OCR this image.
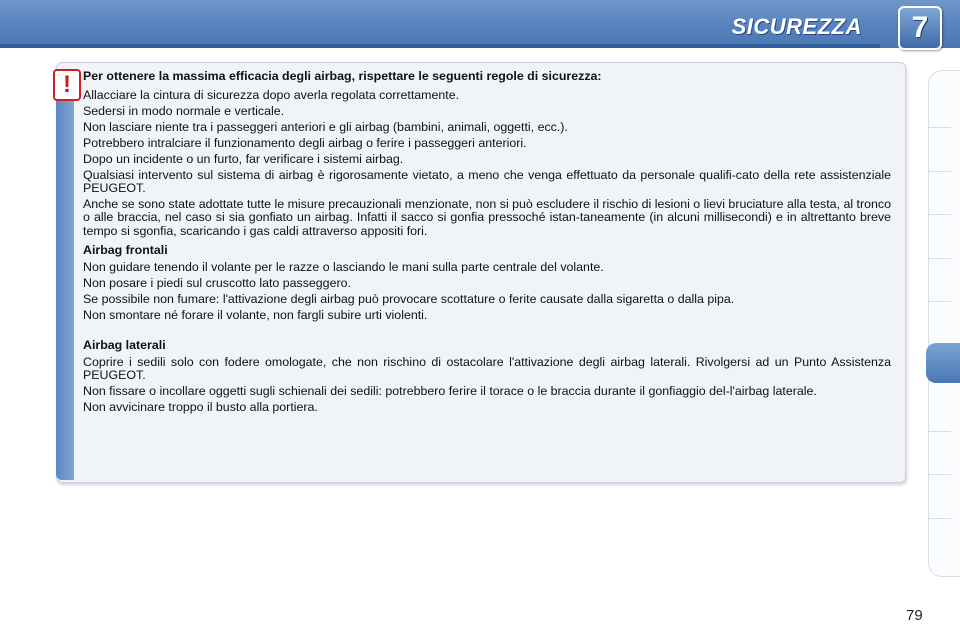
SICUREZZA	7
! Per ottenere la massima efficacia degli airbag, rispettare le seguenti regole di sicurezza:

Allacciare la cintura di sicurezza dopo averla regolata correttamente.

Sedersi in modo normale e verticale.

Non lasciare niente tra i passeggeri anteriori e gli airbag (bambini, animali, oggetti, ecc.).

Potrebbero intralciare il funzionamento degli airbag o ferire i passeggeri anteriori.

Dopo un incidente o un furto, far verificare i sistemi airbag.

Qualsiasi intervento sul sistema di airbag è rigorosamente vietato, a meno che venga effettuato da personale qualifi-cato della rete assistenziale PEUGEOT.

Anche se sono state adottate tutte le misure precauzionali menzionate, non si può escludere il rischio di lesioni o lievi bruciature alla testa, al tronco o alle braccia, nel caso si sia gonfiato un airbag. Infatti il sacco si gonfia pressoché istan-taneamente (in alcuni millisecondi) e in altrettanto breve tempo si sgonfia, scaricando i gas caldi attraverso appositi fori.

Airbag frontali

Non guidare tenendo il volante per le razze o lasciando le mani sulla parte centrale del volante.

Non posare i piedi sul cruscotto lato passeggero.

Se possibile non fumare: l'attivazione degli airbag può provocare scottature o ferite causate dalla sigaretta o dalla pipa.

Non smontare né forare il volante, non fargli subire urti violenti.

Airbag laterali

Coprire i sedili solo con fodere omologate, che non rischino di ostacolare l'attivazione degli airbag laterali. Rivolgersi ad un Punto Assistenza PEUGEOT.

Non fissare o incollare oggetti sugli schienali dei sedili: potrebbero ferire il torace o le braccia durante il gonfiaggio del-l'airbag laterale.

Non avvicinare troppo il busto alla portiera.

79
